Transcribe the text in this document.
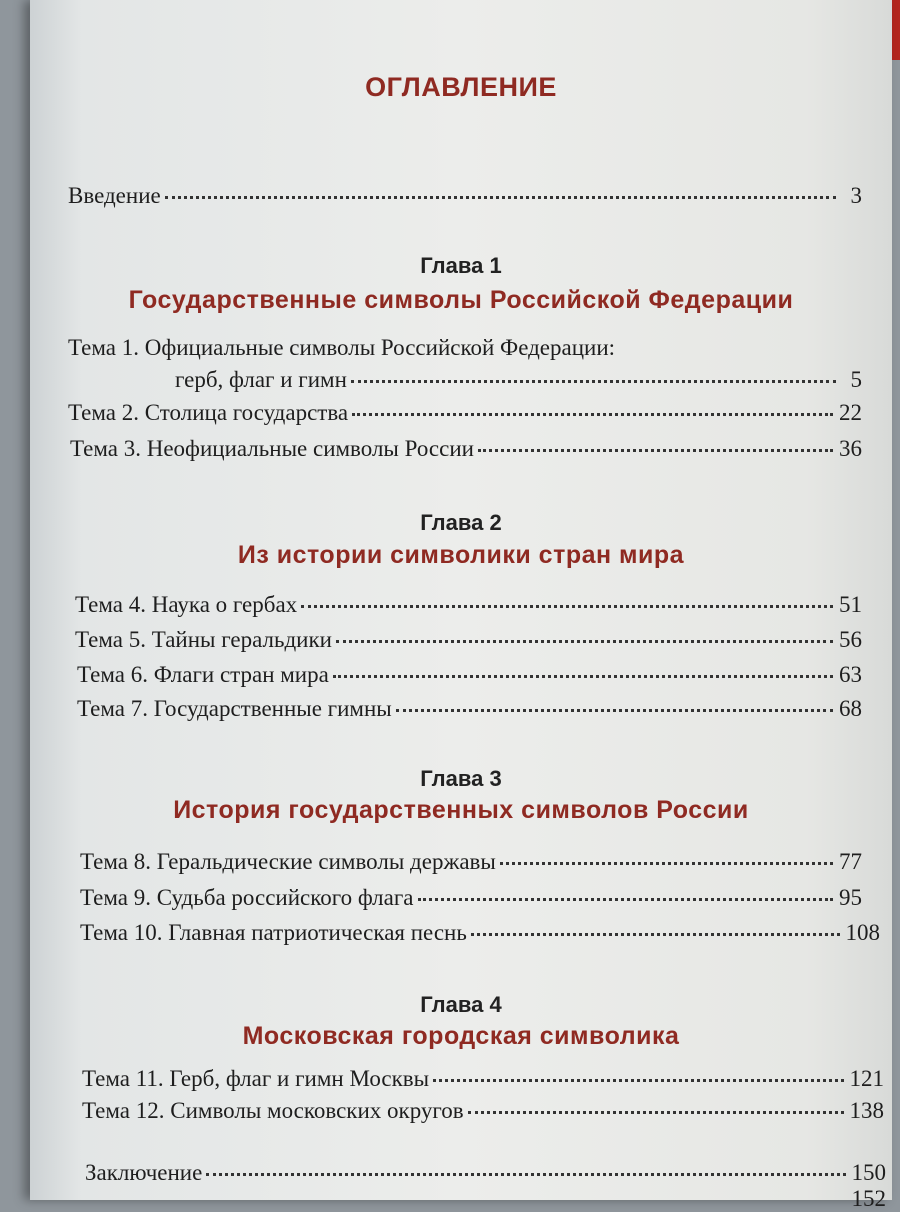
ОГЛАВЛЕНИЕ
Введение	3
Глава 1
Государственные символы Российской Федерации
Тема 1. Официальные символы Российской Федерации:
герб, флаг и гимн	5
Тема 2. Столица государства	22
Тема 3. Неофициальные символы России	36
Глава 2
Из истории символики стран мира
Тема 4. Наука о гербах	51
Тема 5. Тайны геральдики	56
Тема 6. Флаги стран мира	63
Тема 7. Государственные гимны	68
Глава 3
История государственных символов России
Тема 8. Геральдические символы державы	77
Тема 9. Судьба российского флага	95
Тема 10. Главная патриотическая песнь	108
Глава 4
Московская городская символика
Тема 11. Герб, флаг и гимн Москвы	121
Тема 12. Символы московских округов	138
Заключение	150
152
